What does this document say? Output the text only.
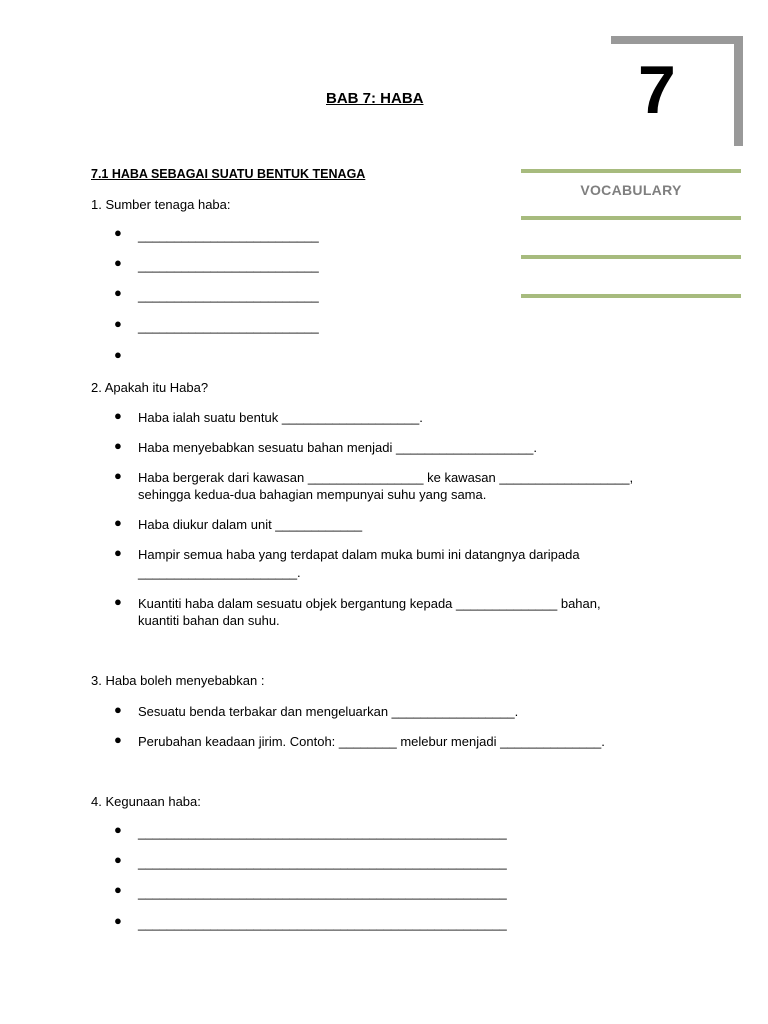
7
BAB 7: HABA
VOCABULARY
7.1 HABA SEBAGAI SUATU BENTUK TENAGA
1. Sumber tenaga haba:
● _________________________
● _________________________
● _________________________
● _________________________
●
2. Apakah itu Haba?
● Haba ialah suatu bentuk ___________________.
● Haba menyebabkan sesuatu bahan menjadi ___________________.
● Haba bergerak dari kawasan ________________ ke kawasan __________________,
sehingga kedua-dua bahagian mempunyai suhu yang sama.
● Haba diukur dalam unit ____________
● Hampir semua haba yang terdapat dalam muka bumi ini datangnya daripada
______________________.
● Kuantiti haba dalam sesuatu objek bergantung kepada ______________ bahan,
kuantiti bahan dan suhu.
3. Haba boleh menyebabkan :
● Sesuatu benda terbakar dan mengeluarkan _________________.
● Perubahan keadaan jirim. Contoh: ________ melebur menjadi ______________.
4. Kegunaan haba:
● ___________________________________________________
● ___________________________________________________
● ___________________________________________________
● ___________________________________________________
